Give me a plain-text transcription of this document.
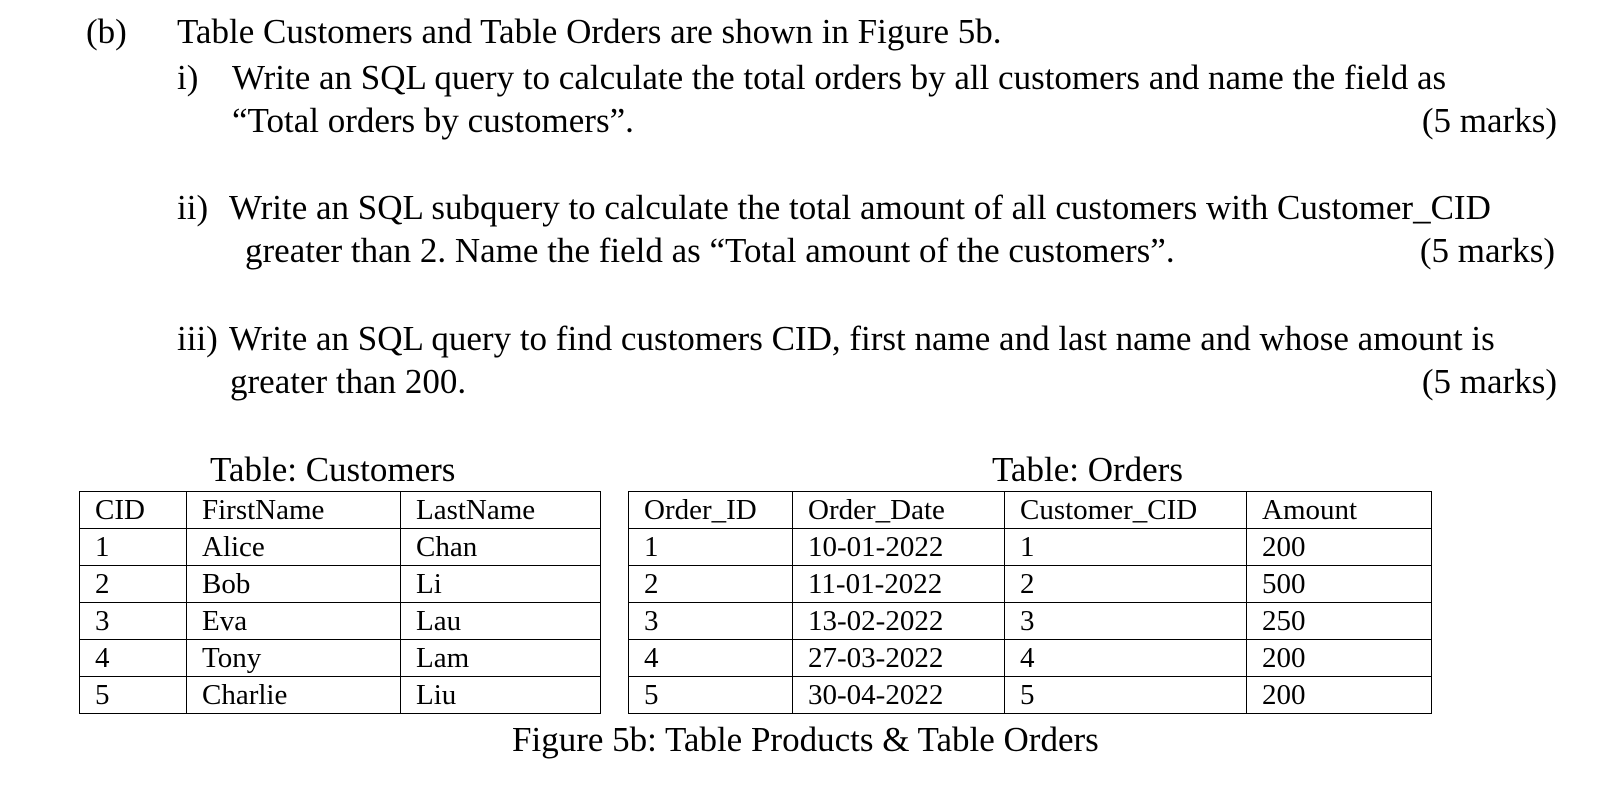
(b) Table Customers and Table Orders are shown in Figure 5b.
i) Write an SQL query to calculate the total orders by all customers and name the field as
“Total orders by customers”.	(5 marks)
ii) Write an SQL subquery to calculate the total amount of all customers with Customer_CID
greater than 2. Name the field as “Total amount of the customers”.	(5 marks)
iii) Write an SQL query to find customers CID, first name and last name and whose amount is
greater than 200.	(5 marks)
Table: Customers	Table: Orders
CID	FirstName	LastName
1	Alice	Chan
2	Bob	Li
3	Eva	Lau
4	Tony	Lam
5	Charlie	Liu
Order_ID	Order_Date	Customer_CID	Amount
1	10-01-2022	1	200
2	11-01-2022	2	500
3	13-02-2022	3	250
4	27-03-2022	4	200
5	30-04-2022	5	200
Figure 5b: Table Products & Table Orders
